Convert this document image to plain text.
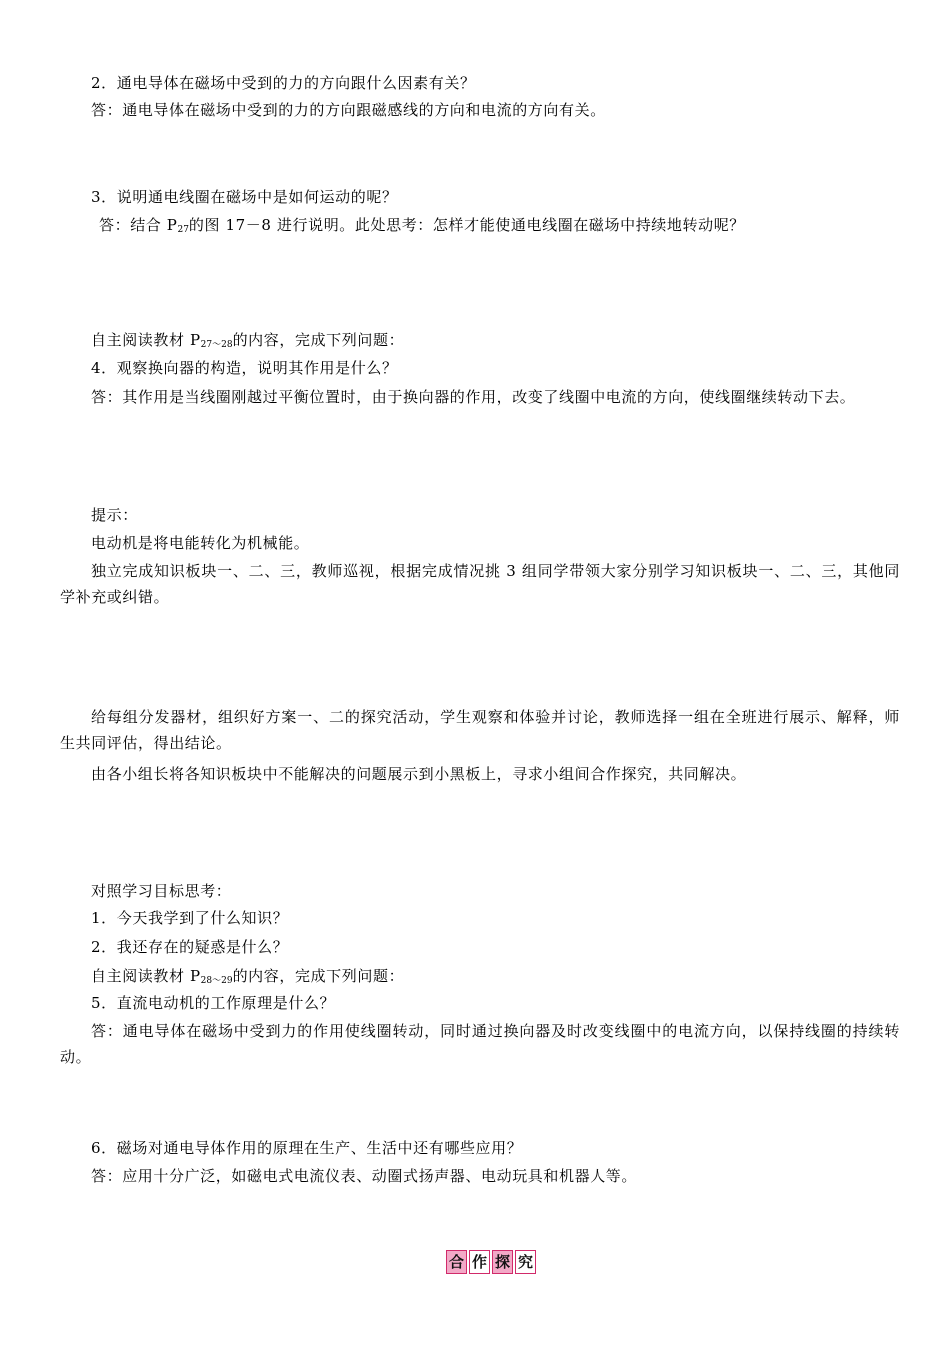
2．通电导体在磁场中受到的力的方向跟什么因素有关？
答：通电导体在磁场中受到的力的方向跟磁感线的方向和电流的方向有关。
3．说明通电线圈在磁场中是如何运动的呢？
答：结合 $P_{27}$的图 17－8 进行说明。此处思考：怎样才能使通电线圈在磁场中持续地转动呢？
自主阅读教材 $P_{27\sim 28}$的内容，完成下列问题：
4．观察换向器的构造，说明其作用是什么？
答：其作用是当线圈刚越过平衡位置时，由于换向器的作用，改变了线圈中电流的方向，使线圈继续转动下去。
提示：
电动机是将电能转化为机械能。
独立完成知识板块一、二、三，教师巡视，根据完成情况挑 3 组同学带领大家分别学习知识板块一、二、三，其他同学补充或纠错。
给每组分发器材，组织好方案一、二的探究活动，学生观察和体验并讨论，教师选择一组在全班进行展示、解释，师生共同评估，得出结论。
由各小组长将各知识板块中不能解决的问题展示到小黑板上，寻求小组间合作探究，共同解决。
对照学习目标思考：
1．今天我学到了什么知识？
2．我还存在的疑惑是什么？
自主阅读教材 $P_{28\sim 29}$的内容，完成下列问题：
5．直流电动机的工作原理是什么？
答：通电导体在磁场中受到力的作用使线圈转动，同时通过换向器及时改变线圈中的电流方向，以保持线圈的持续转动。
6．磁场对通电导体作用的原理在生产、生活中还有哪些应用？
答：应用十分广泛，如磁电式电流仪表、动圈式扬声器、电动玩具和机器人等。
合 作 探 究
